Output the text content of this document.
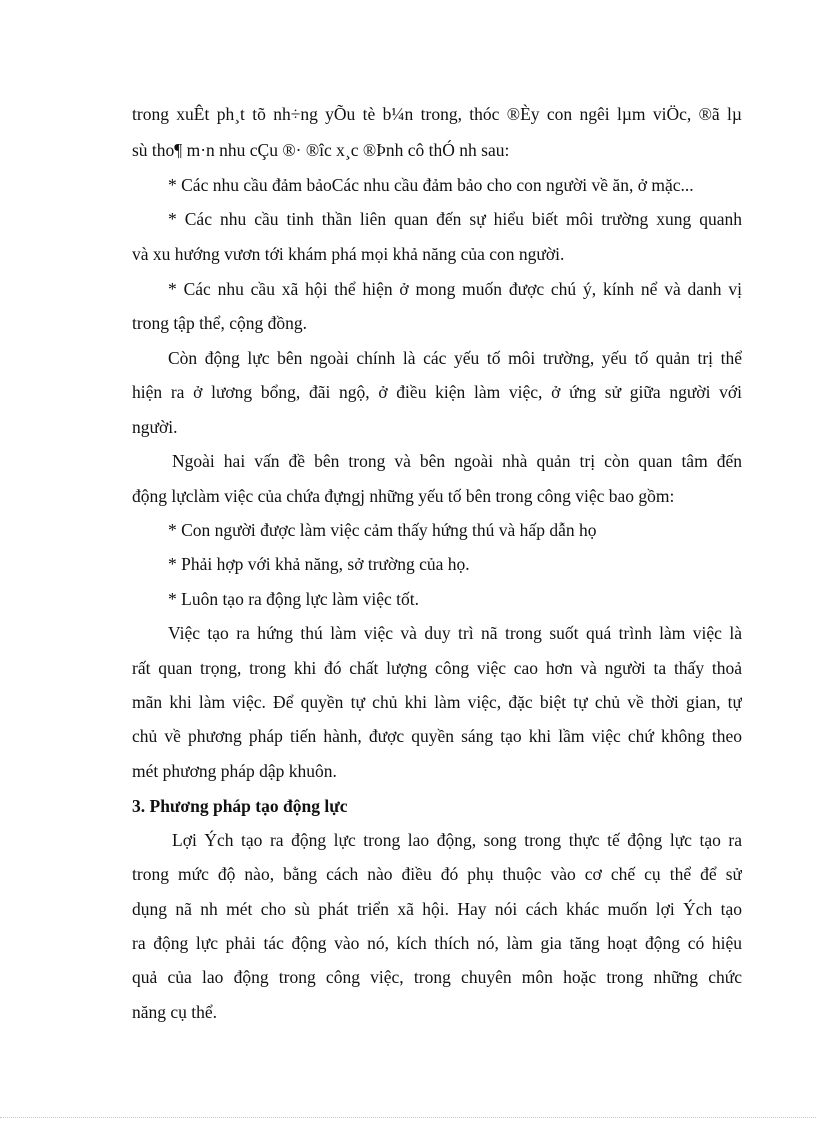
trong xuÊt ph¸t tõ nh÷ng yÕu tè b¼n trong, thóc ®Èy con ngêi lµm viÖc, ®ã lµ
sù tho¶ m·n nhu cÇu ®· ®îc x¸c ®Þnh cô thÓ nh sau:
* Các nhu cầu đảm bảoCác nhu cầu đảm bảo cho con người về ăn, ở mặc...
* Các nhu cầu tinh thần liên quan đến sự hiểu biết môi trường xung quanh
và xu hướng vươn tới khám phá mọi khả năng của con người.
* Các nhu cầu xã hội thể hiện ở mong muốn được chú ý, kính nể và danh vị
trong tập thể, cộng đồng.
Còn động lực bên ngoài chính là các yếu tố môi trường, yếu tố quản trị thể
hiện ra ở lương bổng, đãi ngộ, ở điều kiện làm việc, ở ứng sử giữa người với
người.
Ngoài hai vấn đề bên trong và bên ngoài nhà quản trị còn quan tâm đến
động lựclàm việc của chứa đựngj những yếu tố bên trong công việc bao gồm:
* Con người được làm việc cảm thấy hứng thú và hấp dẫn họ
* Phải hợp với khả năng, sở trường của họ.
* Luôn tạo ra động lực làm việc tốt.
Việc tạo ra hứng thú làm việc và duy trì nã trong suốt quá trình làm việc là
rất quan trọng, trong khi đó chất lượng công việc cao hơn và người ta thấy thoả
mãn khi làm việc. Để quyền tự chủ khi làm việc, đặc biệt tự chủ về thời gian, tự
chủ về phương pháp tiến hành, được quyền sáng tạo khi lầm việc chứ không theo
mét phương pháp dập khuôn.
3. Phương pháp tạo động lực
Lợi Ých tạo ra động lực trong lao động, song trong thực tế động lực tạo ra
trong mức độ nào, bằng cách nào điều đó phụ thuộc vào cơ chế cụ thể để sử
dụng nã nh mét cho sù phát triển xã hội. Hay nói cách khác muốn lợi Ých tạo
ra động lực phải tác động vào nó, kích thích nó, làm gia tăng hoạt động có hiệu
quả của lao động trong công việc, trong chuyên môn hoặc trong những chức
năng cụ thể.
